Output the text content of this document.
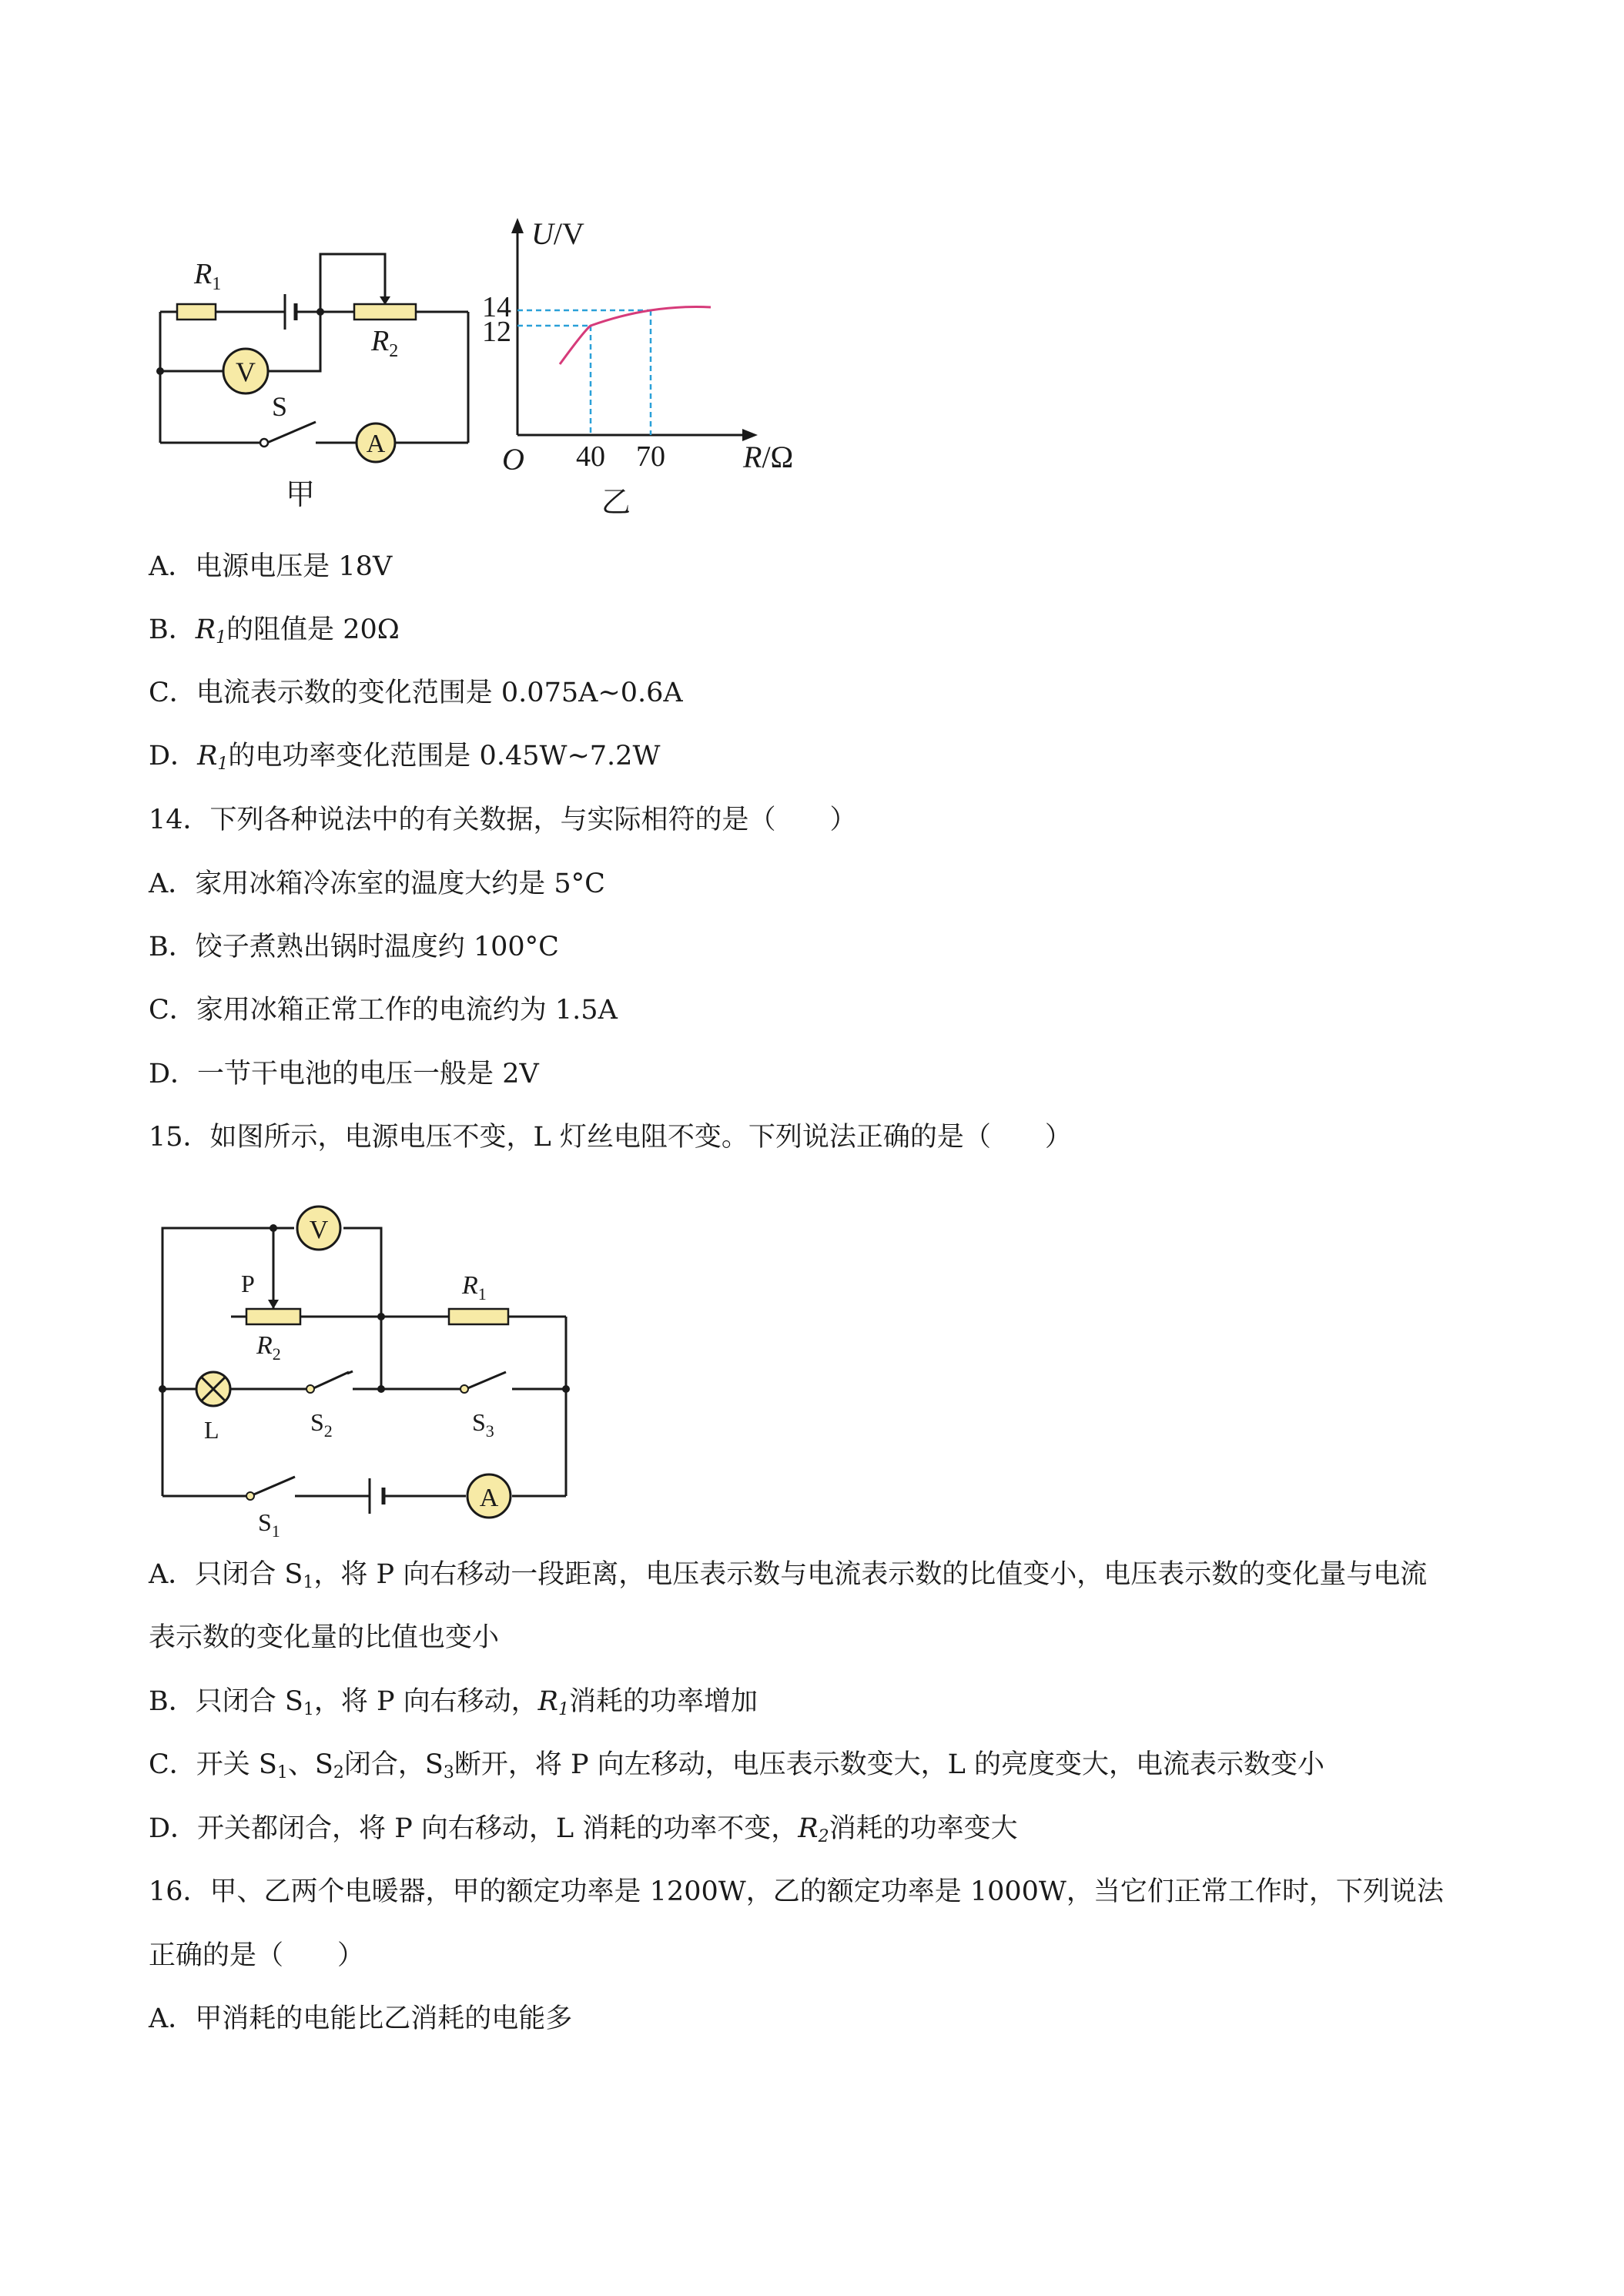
V
A
$R_1$
$R_2$
S
甲
U/V
R/Ω
O
14
12
40 70
乙
A．电源电压是 18V
B．$R_1$的阻值是 20Ω
C．电流表示数的变化范围是 0.075A~0.6A
D．$R_1$的电功率变化范围是 0.45W~7.2W
14．下列各种说法中的有关数据，与实际相符的是（　　）
A．家用冰箱冷冻室的温度大约是 5°C
B．饺子煮熟出锅时温度约 100°C
C．家用冰箱正常工作的电流约为 1.5A
D．一节干电池的电压一般是 2V
15．如图所示，电源电压不变，L 灯丝电阻不变。下列说法正确的是（　　）
V
A
P	$R_1$
$R_2$
L	$S_2$	$S_3$
$S_1$
A．只闭合 $S_1$，将 P 向右移动一段距离，电压表示数与电流表示数的比值变小，电压表示数的变化量与电流
表示数的变化量的比值也变小
B．只闭合 $S_1$，将 P 向右移动，$R_1$消耗的功率增加
C．开关 $S_1$、$S_2$闭合，$S_3$断开，将 P 向左移动，电压表示数变大，L 的亮度变大，电流表示数变小
D．开关都闭合，将 P 向右移动，L 消耗的功率不变，$R_2$消耗的功率变大
16．甲、乙两个电暖器，甲的额定功率是 1200W，乙的额定功率是 1000W，当它们正常工作时，下列说法
正确的是（　　）
A．甲消耗的电能比乙消耗的电能多
